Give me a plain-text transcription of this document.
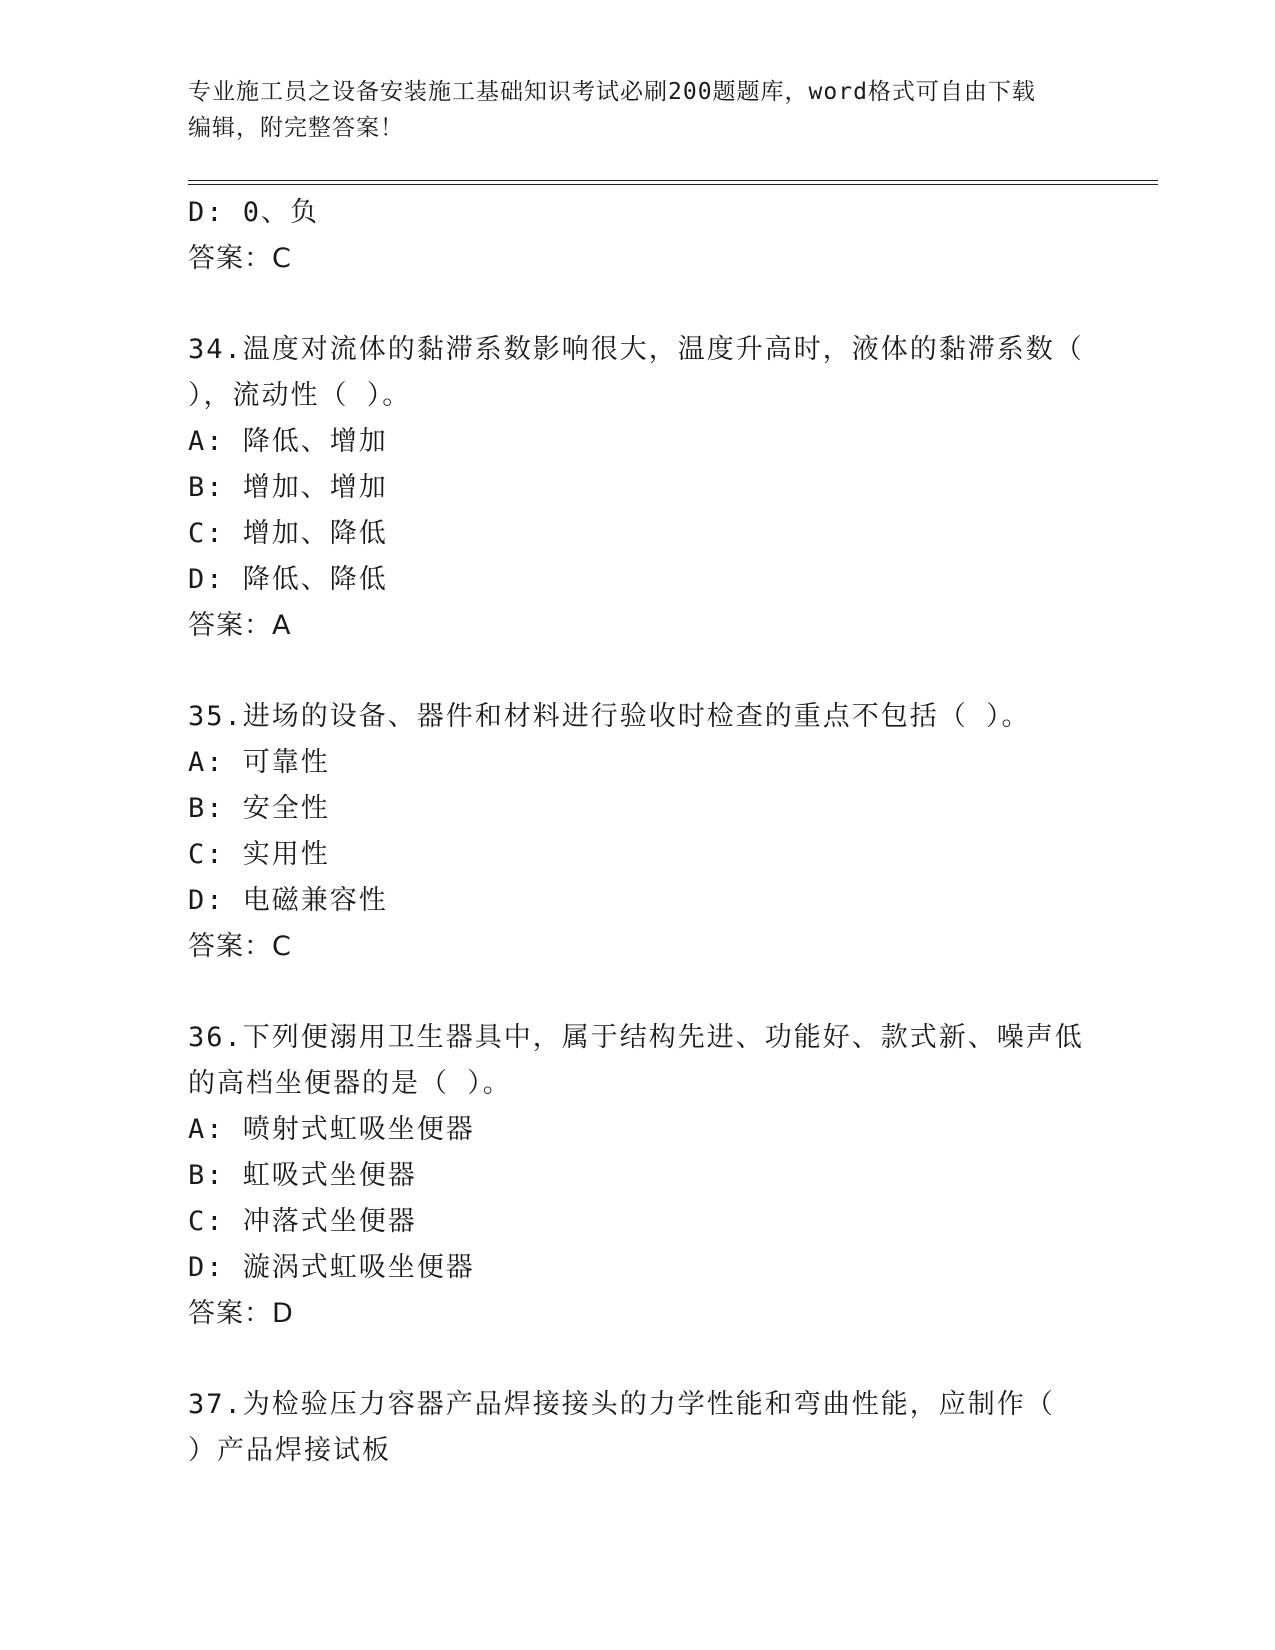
专业施工员之设备安装施工基础知识考试必刷200题题库，word格式可自由下载
编辑，附完整答案！
D: 0、负
答案：C
34.温度对流体的黏滞系数影响很大，温度升高时，液体的黏滞系数（
），流动性（ ）。
A: 降低、增加
B: 增加、增加
C: 增加、降低
D: 降低、降低
答案：A
35.进场的设备、器件和材料进行验收时检查的重点不包括（ ）。
A: 可靠性
B: 安全性
C: 实用性
D: 电磁兼容性
答案：C
36.下列便溺用卫生器具中，属于结构先进、功能好、款式新、噪声低
的高档坐便器的是（ ）。
A: 喷射式虹吸坐便器
B: 虹吸式坐便器
C: 冲落式坐便器
D: 漩涡式虹吸坐便器
答案：D
37.为检验压力容器产品焊接接头的力学性能和弯曲性能，应制作（
）产品焊接试板
